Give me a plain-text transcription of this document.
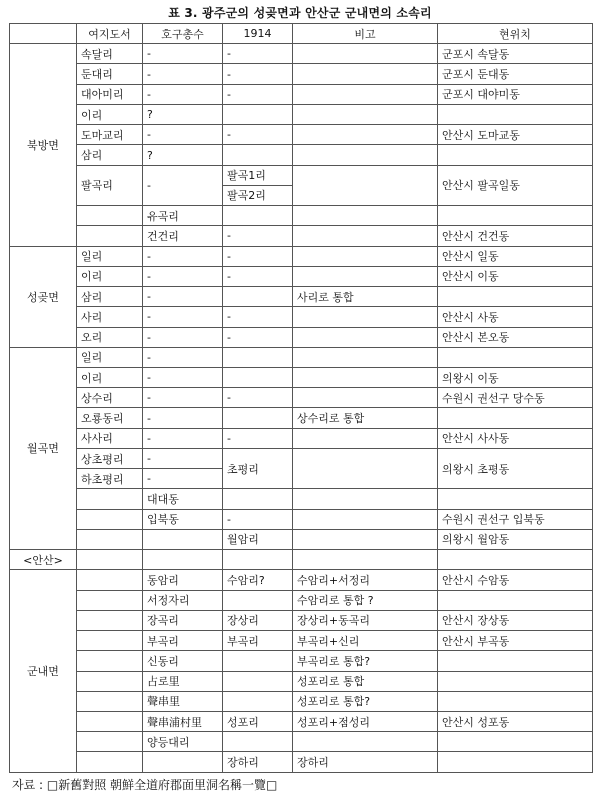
표 3. 광주군의 성곶면과 안산군 군내면의 소속리
	여지도서	호구총수	1914	비고	현위치
북방면	속달리	-	-		군포시 속달동
	둔대리	-	-		군포시 둔대동
	대아미리	-	-		군포시 대야미동
	이리	?			
	도마교리	-	-		안산시 도마교동
	삼리	?			
	팔곡리	-	팔곡1리		안산시 팔곡일동
			팔곡2리		
		유곡리			
		건건리	-		안산시 건건동
성곶면	일리	-	-		안산시 일동
	이리	-	-		안산시 이동
	삼리	-		사리로 통합	
	사리	-	-		안산시 사동
	오리	-	-		안산시 본오동
월곡면	일리	-			
	이리	-			의왕시 이동
	상수리	-	-		수원시 권선구 당수동
	오룡동리	-		상수리로 통합	
	사사리	-	-		안산시 사사동
	상초평리	-	초평리		의왕시 초평동
	하초평리	-			
		대대동			
		입북동	-		수원시 권선구 입북동
			월암리		의왕시 월암동
<안산>					
군내면		동암리	수암리?	수암리+서정리	안산시 수암동
		서정자리		수암리로 통합 ?	
		장곡리	장상리	장상리+동곡리	안산시 장상동
		부곡리	부곡리	부곡리+신리	안산시 부곡동
		신동리		부곡리로 통합?	
		占로里		성포리로 통합	
		聲串里		성포리로 통합?	
		聲串浦村里	성포리	성포리+점성리	안산시 성포동
		양등대리			
			장하리	장하리	
자료 : □新舊對照 朝鮮全道府郡面里洞名稱一覽□
